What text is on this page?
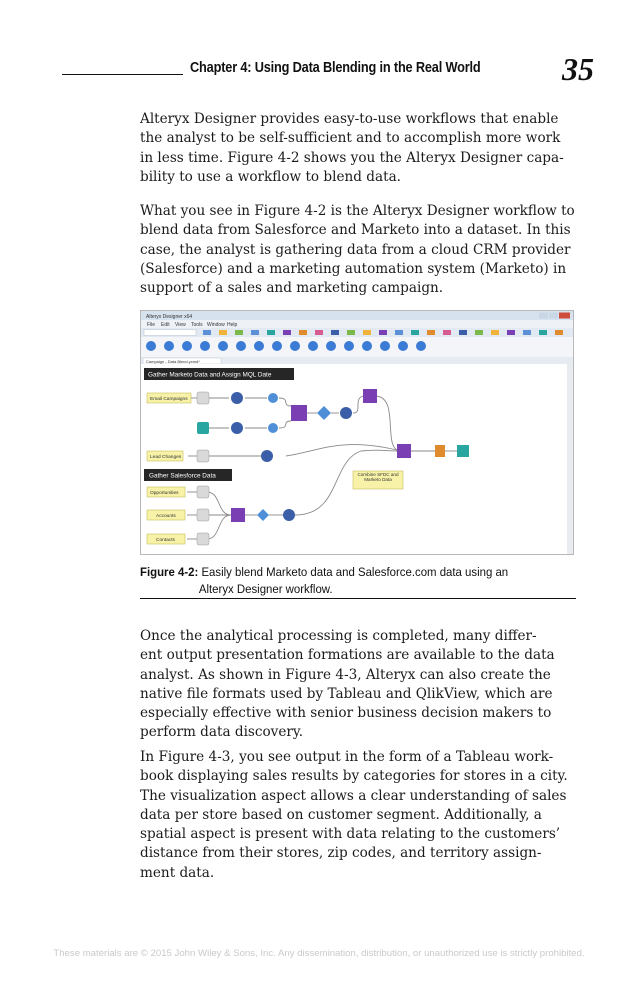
Chapter 4: Using Data Blending in the Real World	35
Alteryx Designer provides easy-to-use workflows that enable
the analyst to be self-sufficient and to accomplish more work
in less time. Figure 4-2 shows you the Alteryx Designer capa-
bility to use a workflow to blend data.
What you see in Figure 4-2 is the Alteryx Designer workflow to
blend data from Salesforce and Marketo into a dataset. In this
case, the analyst is gathering data from a cloud CRM provider
(Salesforce) and a marketing automation system (Marketo) in
support of a sales and marketing campaign.
Alteryx Designer x64
File Edit View Tools Window Help
Campaign - Data Blend.yxmd*
Gather Marketo Data and Assign MQL Date
Gather Salesforce Data
Email Campaigns
Lead Changes
Opportunities
Accounts
Contacts
Combine SFDC and Marketo Data
Figure 4-2: Easily blend Marketo data and Salesforce.com data using an
Alteryx Designer workflow.
Once the analytical processing is completed, many differ-
ent output presentation formations are available to the data
analyst. As shown in Figure 4-3, Alteryx can also create the
native file formats used by Tableau and QlikView, which are
especially effective with senior business decision makers to
perform data discovery.
In Figure 4-3, you see output in the form of a Tableau work-
book displaying sales results by categories for stores in a city.
The visualization aspect allows a clear understanding of sales
data per store based on customer segment. Additionally, a
spatial aspect is present with data relating to the customers’
distance from their stores, zip codes, and territory assign-
ment data.
These materials are © 2015 John Wiley & Sons, Inc. Any dissemination, distribution, or unauthorized use is strictly prohibited.
